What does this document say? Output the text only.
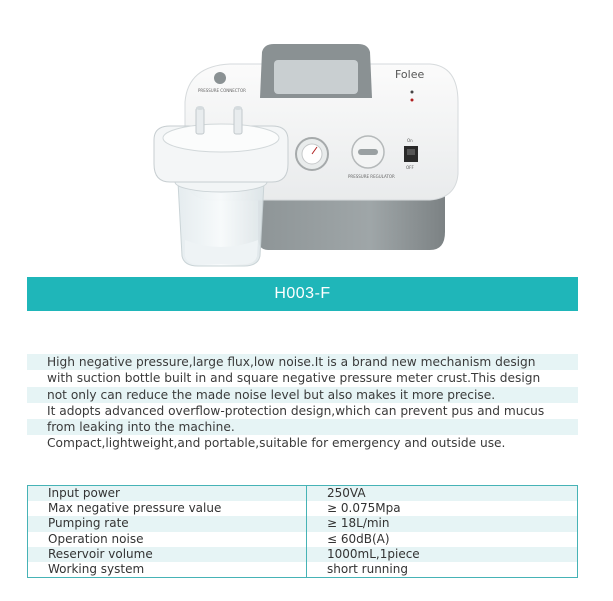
PRESSURE CONNECTOR
Folee
PRESSURE REGULATOR
On
OFF
H003-F
High negative pressure,large flux,low noise.It is a brand new mechanism design
with suction bottle built in and square negative pressure meter crust.This design
not only can reduce the made noise level but also makes it more precise.
It adopts advanced overflow-protection design,which can prevent pus and mucus
from leaking into the machine.
Compact,lightweight,and portable,suitable for emergency and outside use.
Input power	250VA
Max negative pressure value	≥ 0.075Mpa
Pumping rate	≥ 18L/min
Operation noise	≤ 60dB(A)
Reservoir volume	1000mL,1piece
Working system	short running
